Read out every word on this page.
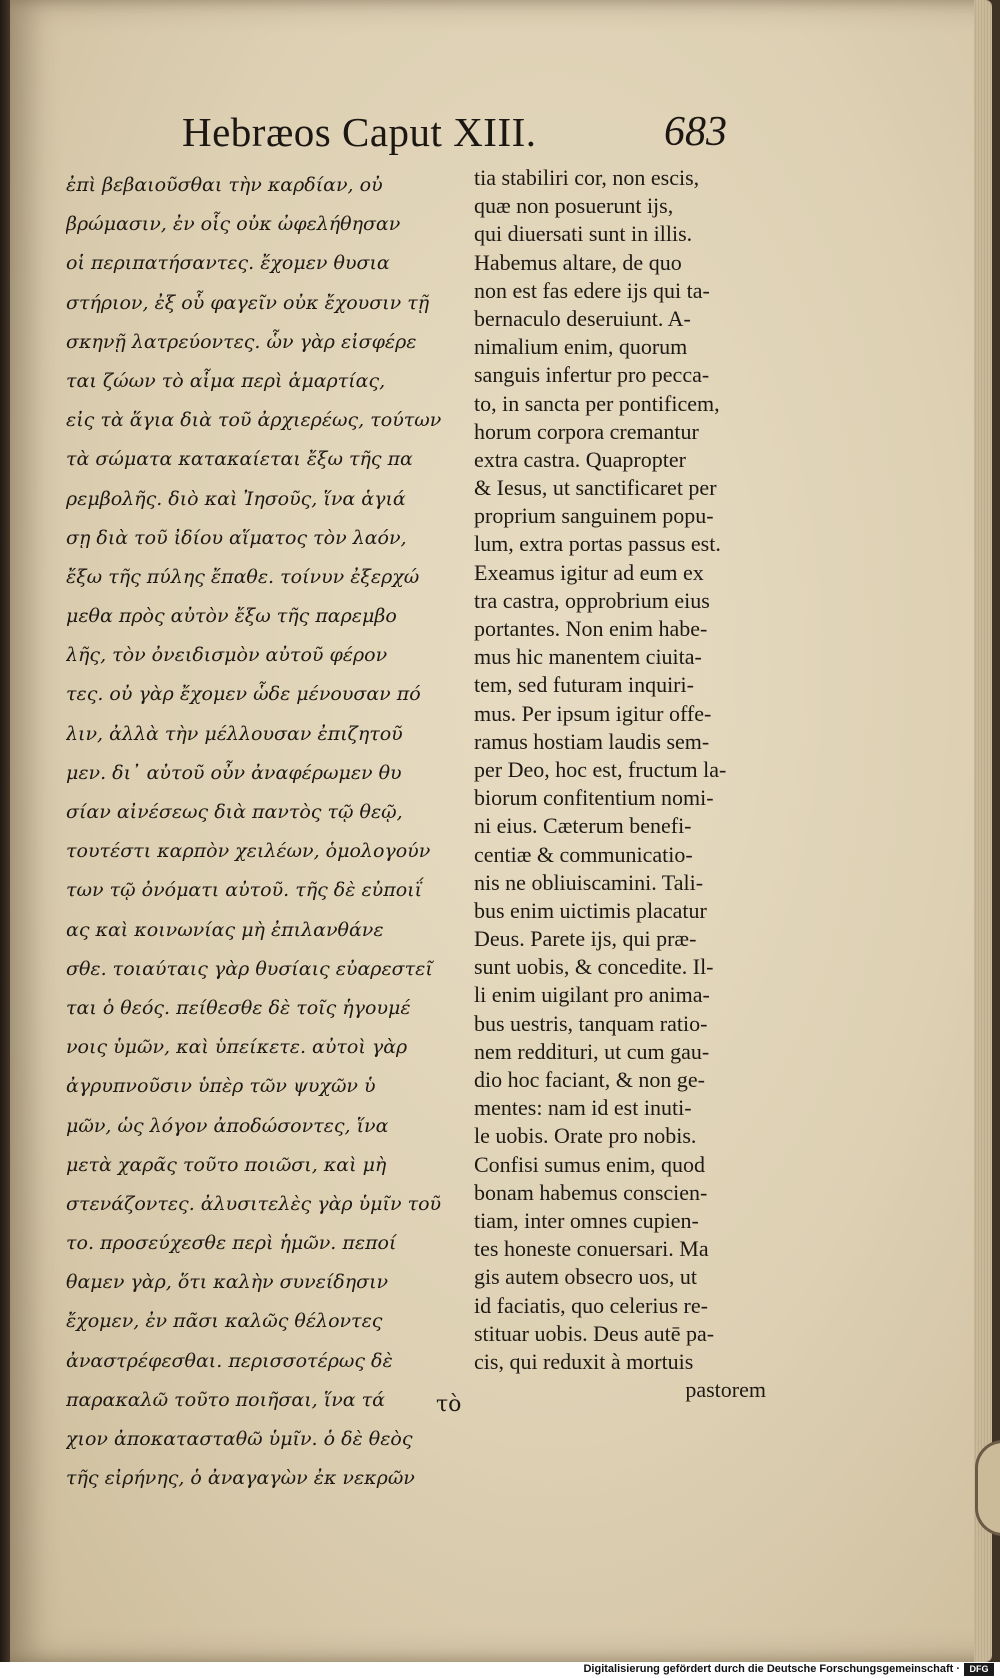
Hebræos Caput XIII.	683
ἐπὶ βεβαιοῦσθαι τὴν καρδίαν, οὐ
βρώμασιν, ἐν οἷς οὐκ ὠφελήθησαν
οἱ περιπατήσαντες. ἔχομεν θυσια
στήριον, ἐξ οὗ φαγεῖν οὐκ ἔχουσιν τῇ
σκηνῇ λατρεύοντες. ὧν γὰρ εἰσφέρε
ται ζώων τὸ αἷμα περὶ ἁμαρτίας,
εἰς τὰ ἅγια διὰ τοῦ ἀρχιερέως, τούτων
τὰ σώματα κατακαίεται ἔξω τῆς πα
ρεμβολῆς. διὸ καὶ Ἰησοῦς, ἵνα ἁγιά
σῃ διὰ τοῦ ἰδίου αἵματος τὸν λαόν,
ἔξω τῆς πύλης ἔπαθε. τοίνυν ἐξερχώ
μεθα πρὸς αὐτὸν ἔξω τῆς παρεμβο
λῆς, τὸν ὀνειδισμὸν αὐτοῦ φέρον
τες. οὐ γὰρ ἔχομεν ὧδε μένουσαν πό
λιν, ἀλλὰ τὴν μέλλουσαν ἐπιζητοῦ
μεν. δι᾽ αὐτοῦ οὖν ἀναφέρωμεν θυ
σίαν αἰνέσεως διὰ παντὸς τῷ θεῷ,
τουτέστι καρπὸν χειλέων, ὁμολογούν
των τῷ ὀνόματι αὐτοῦ. τῆς δὲ εὐποιΐ
ας καὶ κοινωνίας μὴ ἐπιλανθάνε
σθε. τοιαύταις γὰρ θυσίαις εὐαρεστεῖ
ται ὁ θεός. πείθεσθε δὲ τοῖς ἡγουμέ
νοις ὑμῶν, καὶ ὑπείκετε. αὐτοὶ γὰρ
ἀγρυπνοῦσιν ὑπὲρ τῶν ψυχῶν ὑ
μῶν, ὡς λόγον ἀποδώσοντες, ἵνα
μετὰ χαρᾶς τοῦτο ποιῶσι, καὶ μὴ
στενάζοντες. ἀλυσιτελὲς γὰρ ὑμῖν τοῦ
το. προσεύχεσθε περὶ ἡμῶν. πεποί
θαμεν γὰρ, ὅτι καλὴν συνείδησιν
ἔχομεν, ἐν πᾶσι καλῶς θέλοντες
ἀναστρέφεσθαι. περισσοτέρως δὲ
παρακαλῶ τοῦτο ποιῆσαι, ἵνα τά
χιον ἀποκατασταθῶ ὑμῖν. ὁ δὲ θεὸς
τῆς εἰρήνης, ὁ ἀναγαγὼν ἐκ νεκρῶν
tia stabiliri cor, non escis,
quæ non posuerunt ijs,
qui diuersati sunt in illis.
Habemus altare, de quo
non est fas edere ijs qui ta-
bernaculo deseruiunt. A-
nimalium enim, quorum
sanguis infertur pro pecca-
to, in sancta per pontificem,
horum corpora cremantur
extra castra. Quapropter
& Iesus, ut sanctificaret per
proprium sanguinem popu-
lum, extra portas passus est.
Exeamus igitur ad eum ex
tra castra, opprobrium eius
portantes. Non enim habe-
mus hic manentem ciuita-
tem, sed futuram inquiri-
mus. Per ipsum igitur offe-
ramus hostiam laudis sem-
per Deo, hoc est, fructum la-
biorum confitentium nomi-
ni eius. Cæterum benefi-
centiæ & communicatio-
nis ne obliuiscamini. Tali-
bus enim uictimis placatur
Deus. Parete ijs, qui præ-
sunt uobis, & concedite. Il-
li enim uigilant pro anima-
bus uestris, tanquam ratio-
nem reddituri, ut cum gau-
dio hoc faciant, & non ge-
mentes: nam id est inuti-
le uobis. Orate pro nobis.
Confisi sumus enim, quod
bonam habemus conscien-
tiam, inter omnes cupien-
tes honeste conuersari. Ma
gis autem obsecro uos, ut
id faciatis, quo celerius re-
stituar uobis. Deus autē pa-
cis, qui reduxit à mortuis
pastorem
τὸ
Digitalisierung gefördert durch die Deutsche Forschungsgemeinschaft ·	DFG
